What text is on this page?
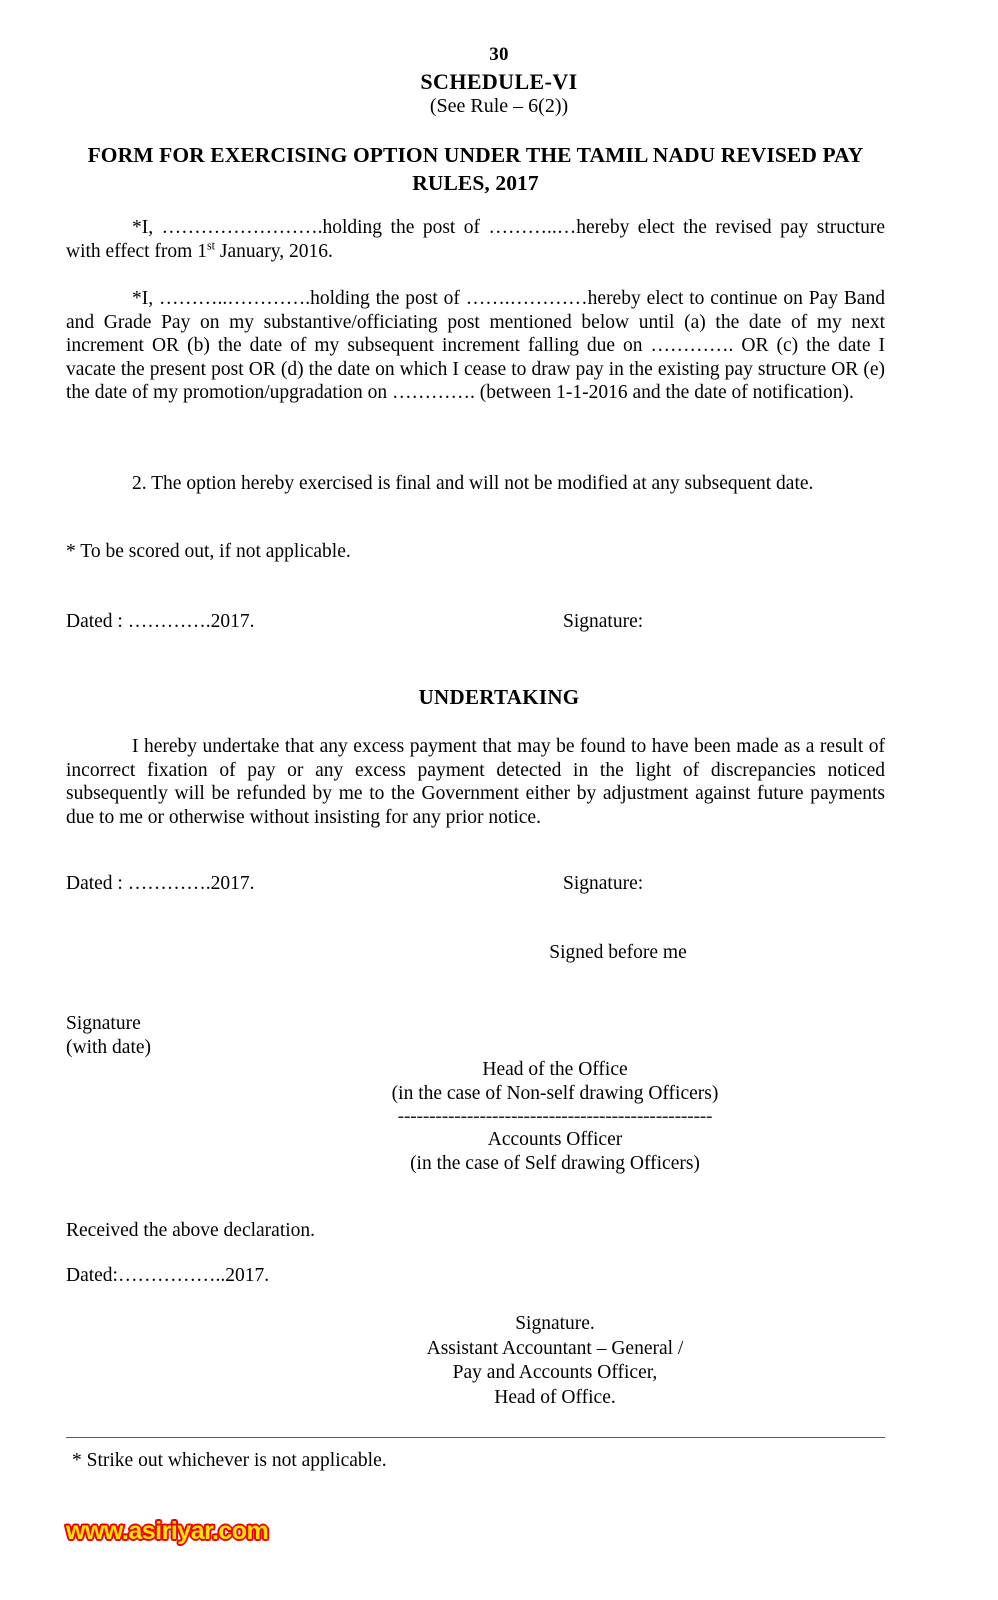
30
SCHEDULE-VI
(See Rule – 6(2))
FORM FOR EXERCISING OPTION UNDER THE TAMIL NADU REVISED PAY RULES, 2017
*I, …………………….holding the post of ………..…hereby elect the revised pay structure with effect from 1st January, 2016.
*I, ………..………….holding the post of …….…………hereby elect to continue on Pay Band and Grade Pay on my substantive/officiating post mentioned below until (a) the date of my next increment OR (b) the date of my subsequent increment falling due on …………. OR (c) the date I vacate the present post OR (d) the date on which I cease to draw pay in the existing pay structure OR (e) the date of my promotion/upgradation on …………. (between 1-1-2016 and the date of notification).
2. The option hereby exercised is final and will not be modified at any subsequent date.
* To be scored out, if not applicable.
Dated : ………….2017.	Signature:
UNDERTAKING
I hereby undertake that any excess payment that may be found to have been made as a result of incorrect fixation of pay or any excess payment detected in the light of discrepancies noticed subsequently will be refunded by me to the Government either by adjustment against future payments due to me or otherwise without insisting for any prior notice.
Dated : ………….2017.	Signature:
Signed before me
Signature
(with date)
Head of the Office
(in the case of Non-self drawing Officers)
--------------------------------------------------
Accounts Officer
(in the case of Self drawing Officers)
Received the above declaration.
Dated:……………..2017.
Signature.
Assistant Accountant – General /
Pay and Accounts Officer,
Head of Office.
* Strike out whichever is not applicable.
www.asiriyar.com
